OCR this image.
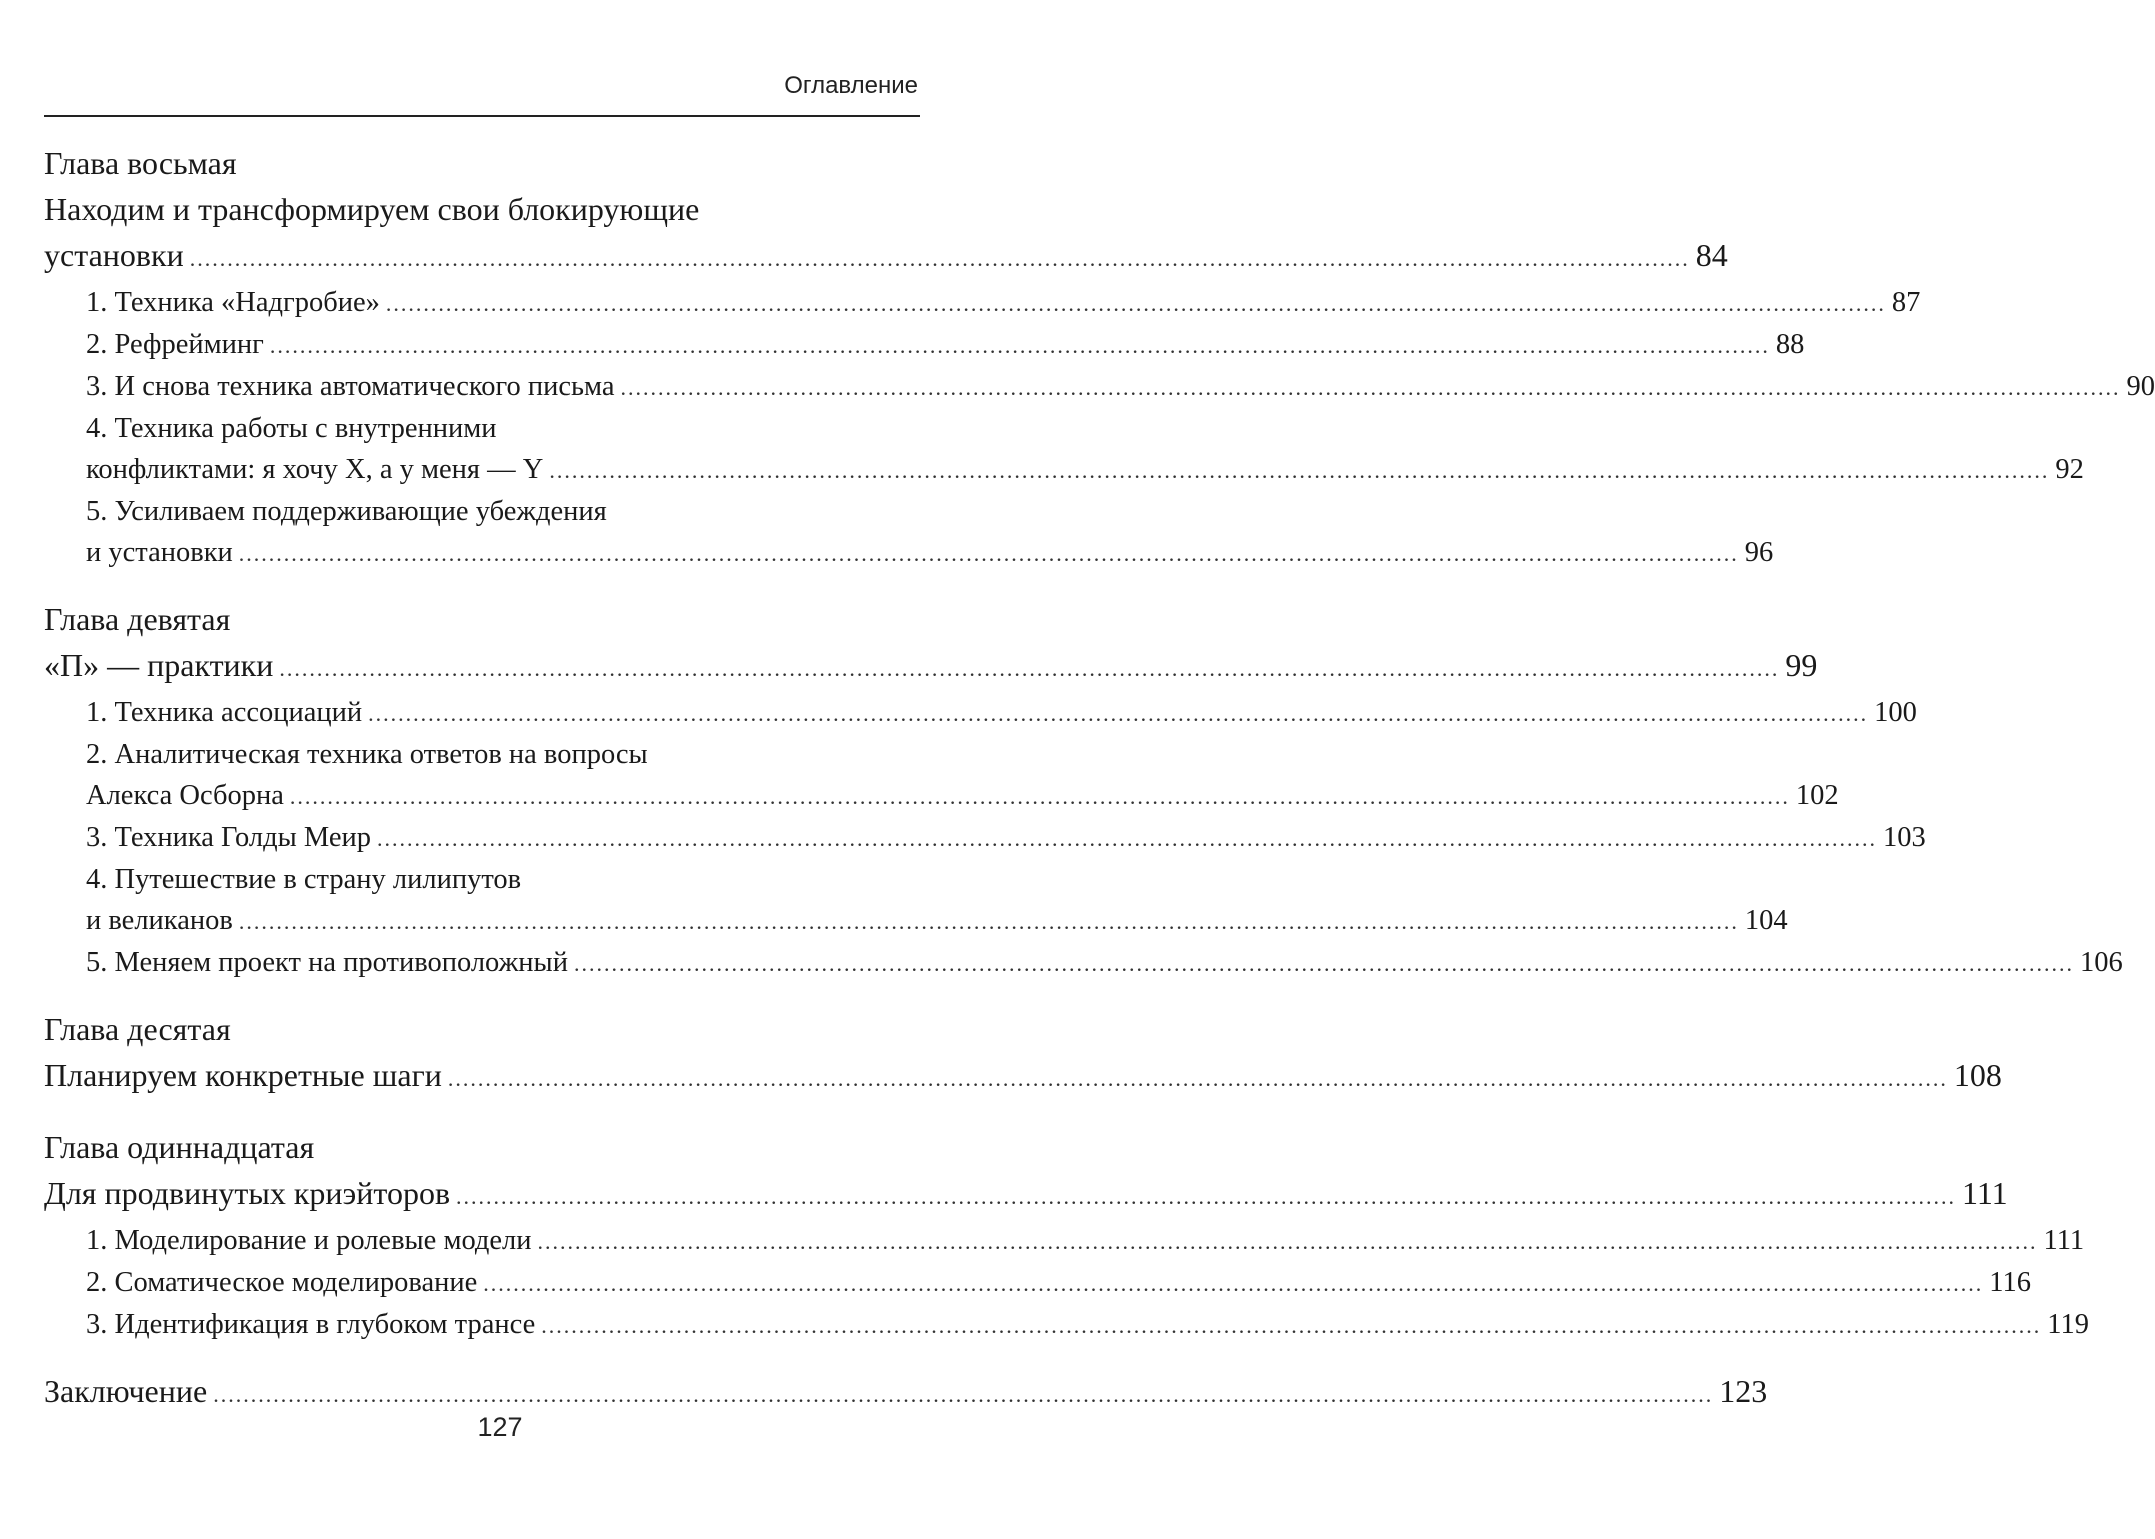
Оглавление
Глава восьмая
Находим и трансформируем свои блокирующие
установки ........................................................................................................................................................................................................ 84
1. Техника «Надгробие» ........................................................................................................................................................................................................ 87
2. Рефрейминг ........................................................................................................................................................................................................ 88
3. И снова техника автоматического письма ........................................................................................................................................................................................................ 90
4. Техника работы с внутренними
конфликтами: я хочу X, а у меня — Y ........................................................................................................................................................................................................ 92
5. Усиливаем поддерживающие убеждения
и установки ........................................................................................................................................................................................................ 96
Глава девятая
«П» — практики ........................................................................................................................................................................................................ 99
1. Техника ассоциаций ........................................................................................................................................................................................................ 100
2. Аналитическая техника ответов на вопросы
Алекса Осборна ........................................................................................................................................................................................................ 102
3. Техника Голды Меир ........................................................................................................................................................................................................ 103
4. Путешествие в страну лилипутов
и великанов ........................................................................................................................................................................................................ 104
5. Меняем проект на противоположный ........................................................................................................................................................................................................ 106
Глава десятая
Планируем конкретные шаги ........................................................................................................................................................................................................ 108
Глава одиннадцатая
Для продвинутых криэйторов ........................................................................................................................................................................................................ 111
1. Моделирование и ролевые модели ........................................................................................................................................................................................................ 111
2. Соматическое моделирование ........................................................................................................................................................................................................ 116
3. Идентификация в глубоком трансе ........................................................................................................................................................................................................ 119
Заключение ........................................................................................................................................................................................................ 123
127
